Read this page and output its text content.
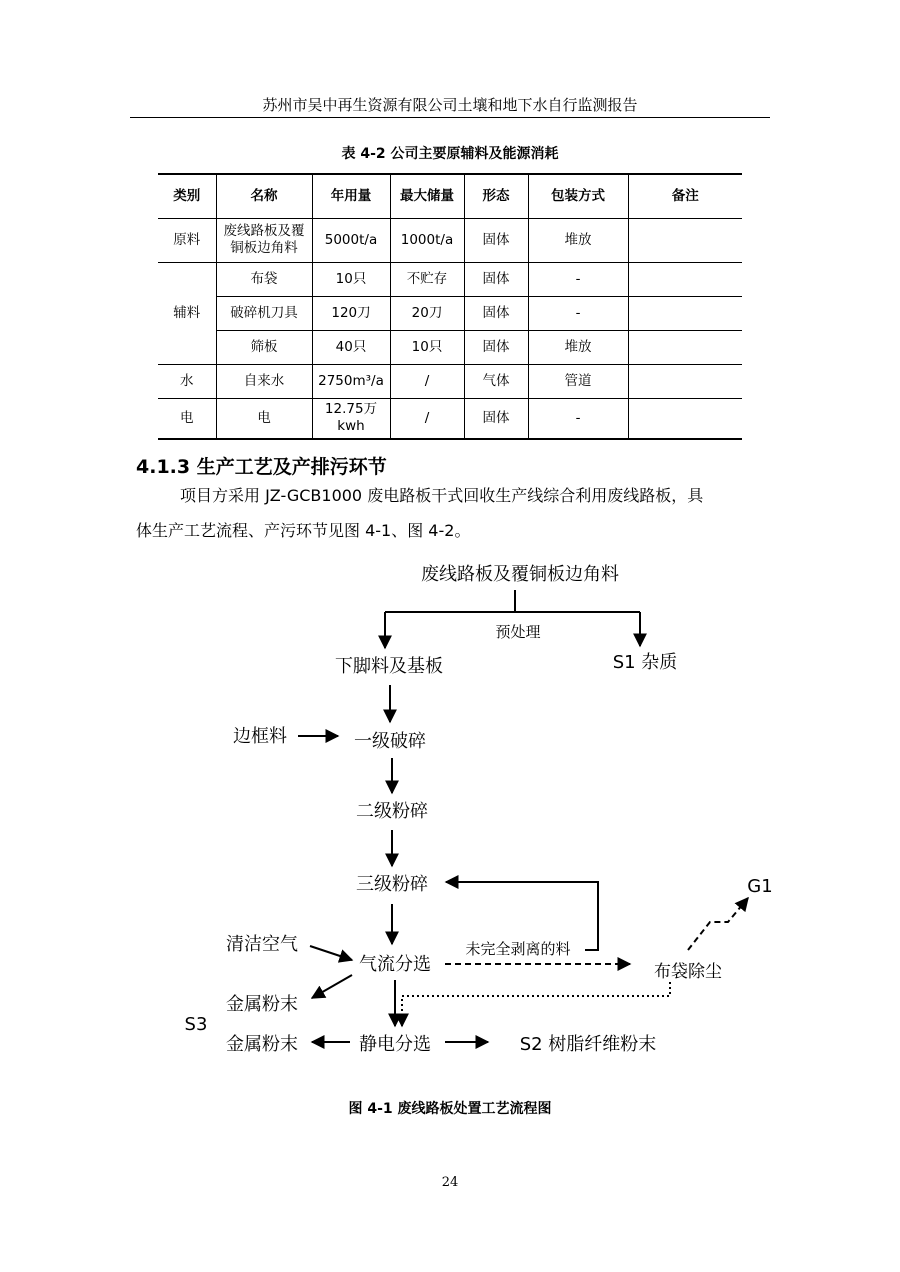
苏州市吴中再生资源有限公司土壤和地下水自行监测报告
表 4-2 公司主要原辅料及能源消耗
类别	名称	年用量	最大储量	形态	包装方式	备注
原料	废线路板及覆铜板边角料	5000t/a	1000t/a	固体	堆放	
辅料	布袋	10只	不贮存	固体	-	
	破碎机刀具	120刀	20刀	固体	-	
	筛板	40只	10只	固体	堆放	
水	自来水	2750m³/a	/	气体	管道	
电	电	12.75万kwh	/	固体	-	
4.1.3 生产工艺及产排污环节
项目方采用 JZ-GCB1000 废电路板干式回收生产线综合利用废线路板，具
体生产工艺流程、产污环节见图 4-1、图 4-2。
废线路板及覆铜板边角料
预处理
下脚料及基板	S1 杂质
边框料	一级破碎
二级粉碎
三级粉碎
清洁空气
气流分选
未完全剥离的料
布袋除尘
G1
金属粉末
S3
金属粉末	静电分选	S2 树脂纤维粉末
图 4-1 废线路板处置工艺流程图
24
